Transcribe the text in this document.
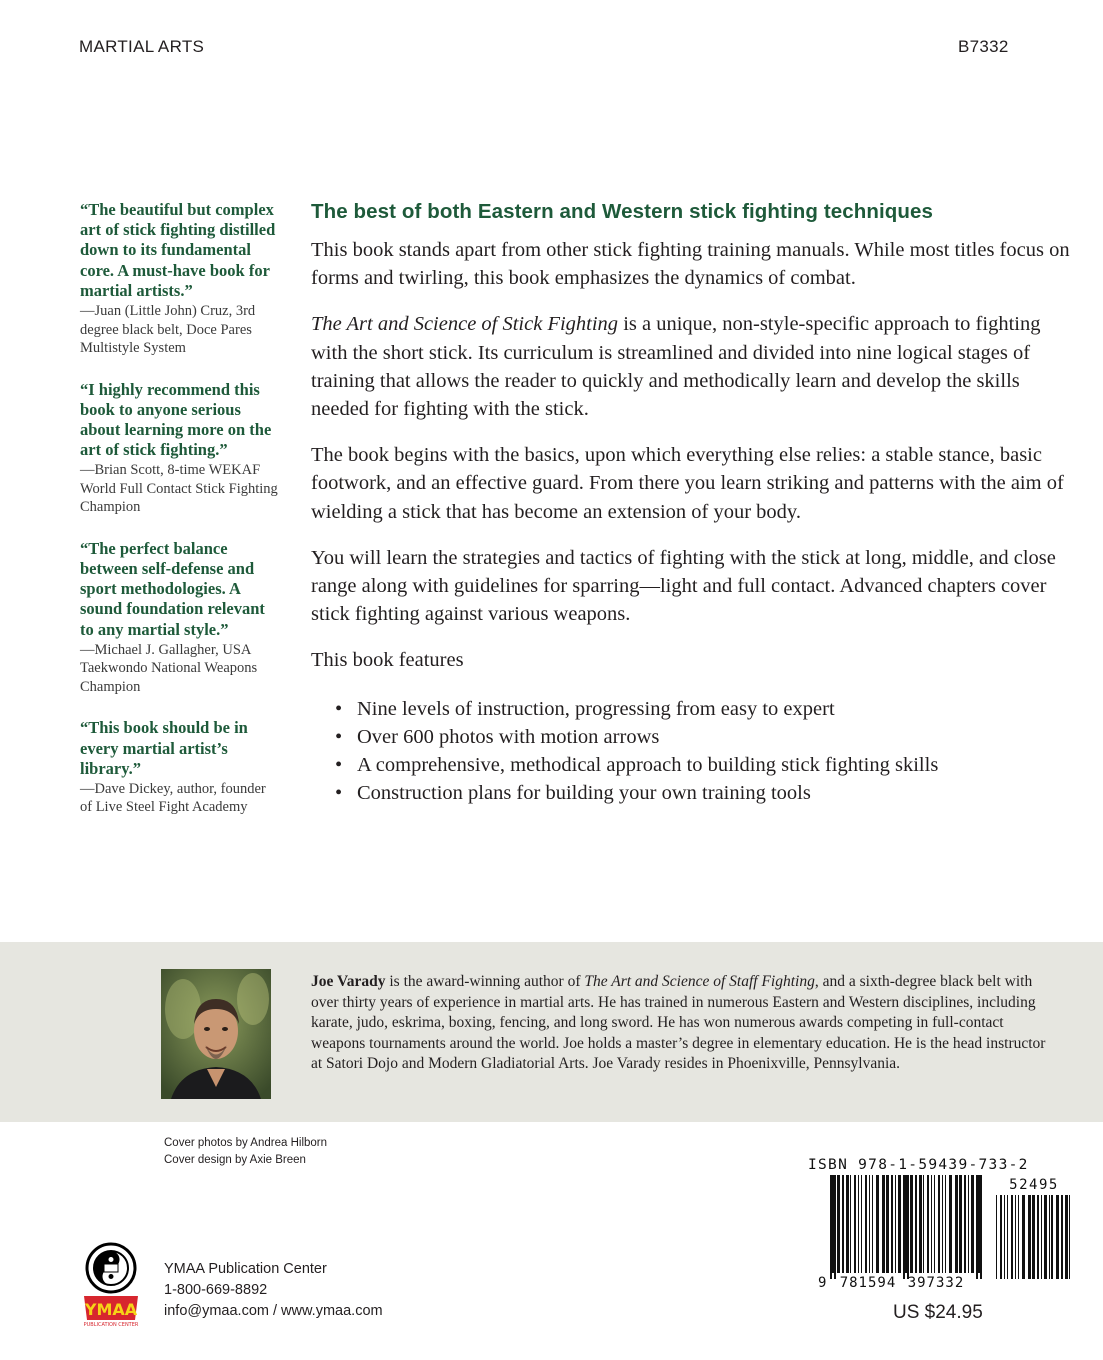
MARTIAL ARTS	B7332
“The beautiful but complex art of stick fighting distilled down to its fundamental core. A must-have book for martial artists.”
—Juan (Little John) Cruz, 3rd degree black belt, Doce Pares Multistyle System
“I highly recommend this book to anyone serious about learning more on the art of stick fighting.”
—Brian Scott, 8-time WEKAF World Full Contact Stick Fighting Champion
“The perfect balance between self-defense and sport methodologies. A sound foundation relevant to any martial style.”
—Michael J. Gallagher, USA Taekwondo National Weapons Champion
“This book should be in every martial artist’s library.”
—Dave Dickey, author, founder of Live Steel Fight Academy
The best of both Eastern and Western stick fighting techniques

This book stands apart from other stick fighting training manuals. While most titles focus on forms and twirling, this book emphasizes the dynamics of combat.

The Art and Science of Stick Fighting is a unique, non-style-specific approach to fighting with the short stick. Its curriculum is streamlined and divided into nine logical stages of training that allows the reader to quickly and methodically learn and develop the skills needed for fighting with the stick.

The book begins with the basics, upon which everything else relies: a stable stance, basic footwork, and an effective guard. From there you learn striking and patterns with the aim of wielding a stick that has become an extension of your body.

You will learn the strategies and tactics of fighting with the stick at long, middle, and close range along with guidelines for sparring—light and full contact. Advanced chapters cover stick fighting against various weapons.

This book features

• Nine levels of instruction, progressing from easy to expert
• Over 600 photos with motion arrows
• A comprehensive, methodical approach to building stick fighting skills
• Construction plans for building your own training tools
Joe Varady is the award-winning author of The Art and Science of Staff Fighting, and a sixth-degree black belt with over thirty years of experience in martial arts. He has trained in numerous Eastern and Western disciplines, including karate, judo, eskrima, boxing, fencing, and long sword. He has won numerous awards competing in full-contact weapons tournaments around the world. Joe holds a master’s degree in elementary education. He is the head instructor at Satori Dojo and Modern Gladiatorial Arts. Joe Varady resides in Phoenixville, Pennsylvania.
Cover photos by Andrea Hilborn
Cover design by Axie Breen
YMAA
PUBLICATION CENTER
YMAA Publication Center
1-800-669-8892
info@ymaa.com / www.ymaa.com
ISBN 978-1-59439-733-2
9 781594 397332
52495
US $24.95
